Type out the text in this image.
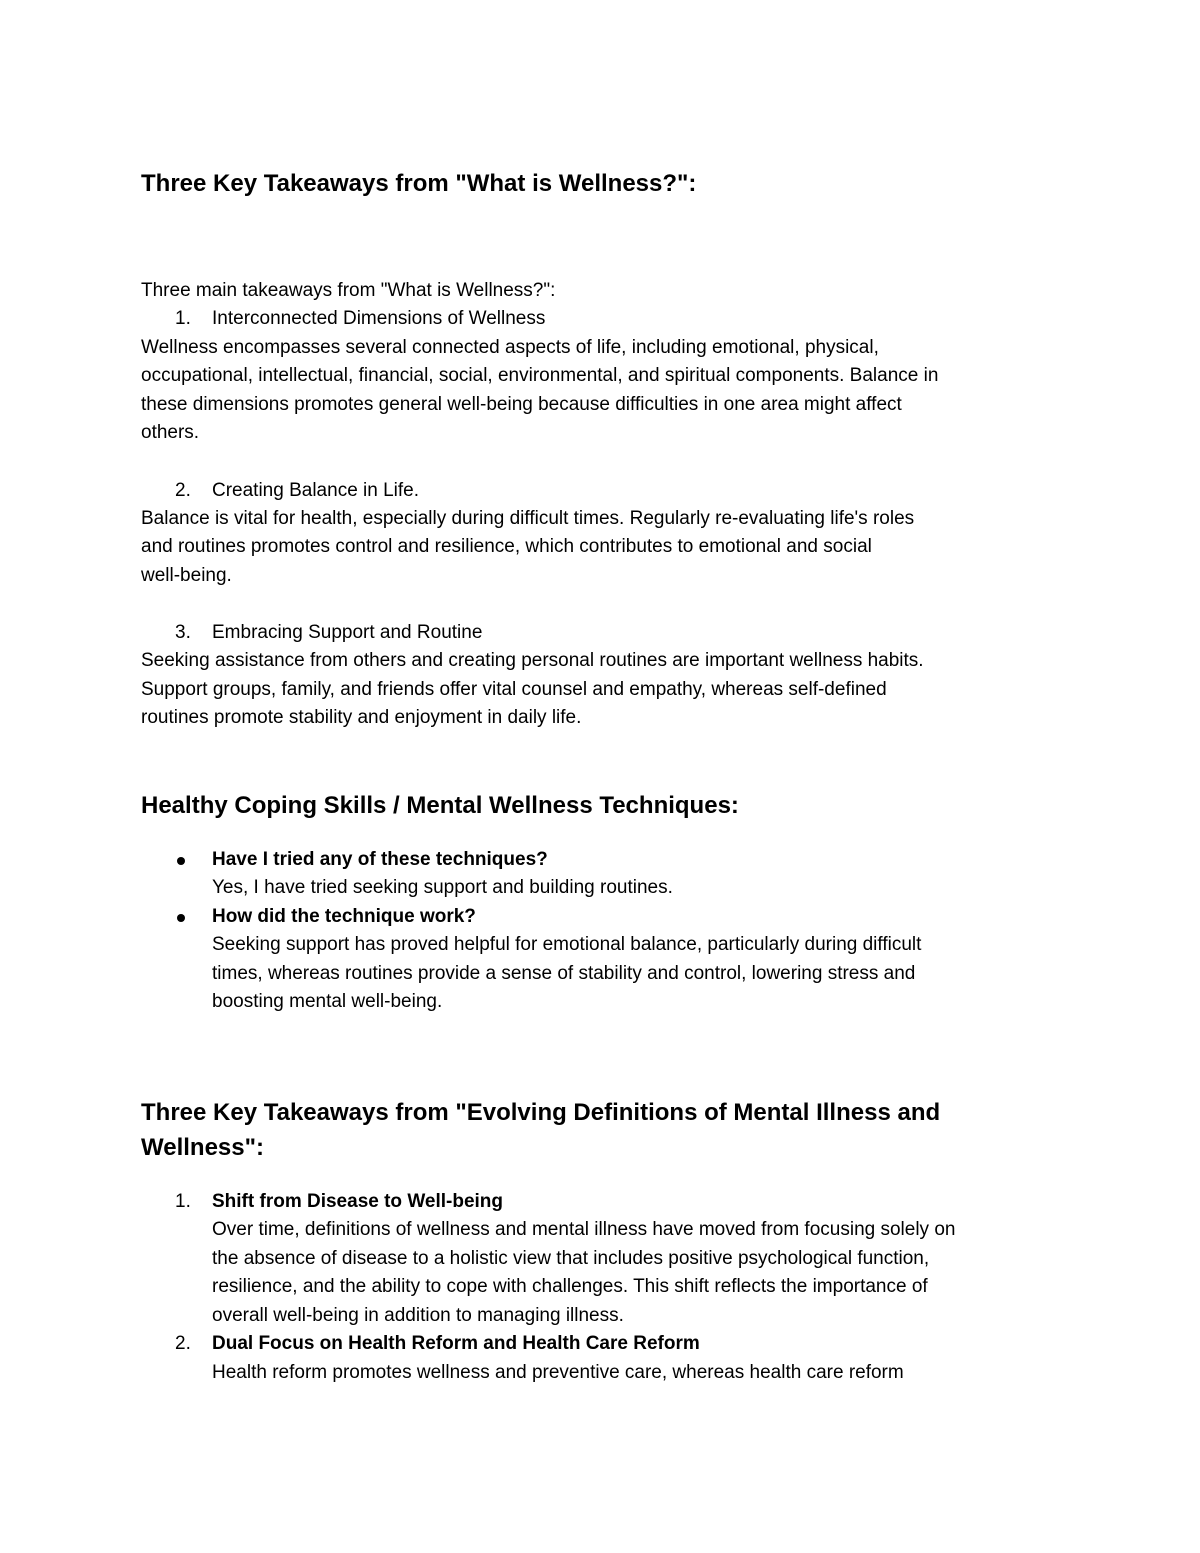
Three Key Takeaways from "What is Wellness?":
Three main takeaways from "What is Wellness?":
1. Interconnected Dimensions of Wellness
Wellness encompasses several connected aspects of life, including emotional, physical,
occupational, intellectual, financial, social, environmental, and spiritual components. Balance in
these dimensions promotes general well-being because difficulties in one area might affect
others.
2. Creating Balance in Life.
Balance is vital for health, especially during difficult times. Regularly re-evaluating life's roles
and routines promotes control and resilience, which contributes to emotional and social
well-being.
3. Embracing Support and Routine
Seeking assistance from others and creating personal routines are important wellness habits.
Support groups, family, and friends offer vital counsel and empathy, whereas self-defined
routines promote stability and enjoyment in daily life.
Healthy Coping Skills / Mental Wellness Techniques:
Have I tried any of these techniques?
Yes, I have tried seeking support and building routines.
How did the technique work?
Seeking support has proved helpful for emotional balance, particularly during difficult
times, whereas routines provide a sense of stability and control, lowering stress and
boosting mental well-being.
Three Key Takeaways from "Evolving Definitions of Mental Illness and
Wellness":
1. Shift from Disease to Well-being
Over time, definitions of wellness and mental illness have moved from focusing solely on
the absence of disease to a holistic view that includes positive psychological function,
resilience, and the ability to cope with challenges. This shift reflects the importance of
overall well-being in addition to managing illness.
2. Dual Focus on Health Reform and Health Care Reform
Health reform promotes wellness and preventive care, whereas health care reform
